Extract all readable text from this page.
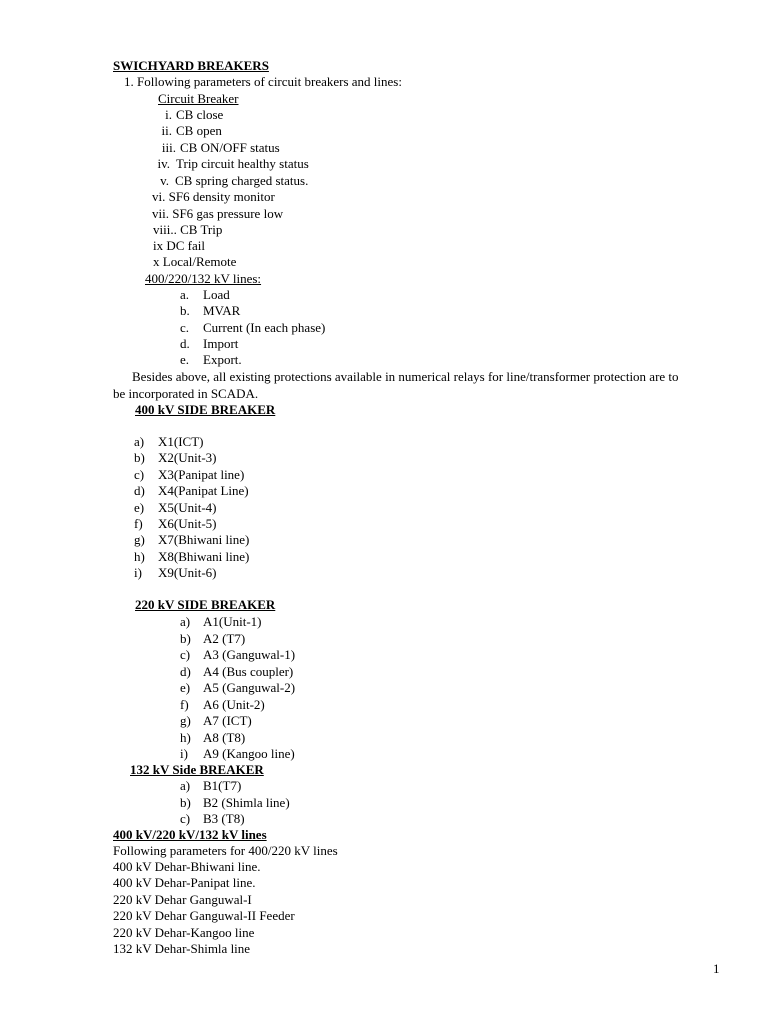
SWICHYARD BREAKERS
1. Following parameters of circuit breakers and lines:
Circuit Breaker
i. CB close
ii. CB open
iii. CB ON/OFF status
iv. Trip circuit healthy status
v. CB spring charged status.
vi. SF6 density monitor
vii. SF6 gas pressure low
viii.. CB Trip
ix DC fail
x Local/Remote
400/220/132 kV lines:
a. Load
b. MVAR
c. Current (In each phase)
d. Import
e. Export.
Besides above, all existing protections available in numerical relays for line/transformer protection are to
be incorporated in SCADA.
400 kV SIDE BREAKER
a) X1(ICT)
b) X2(Unit-3)
c) X3(Panipat line)
d) X4(Panipat Line)
e) X5(Unit-4)
f) X6(Unit-5)
g) X7(Bhiwani line)
h) X8(Bhiwani line)
i) X9(Unit-6)
220 kV SIDE BREAKER
a) A1(Unit-1)
b) A2 (T7)
c) A3 (Ganguwal-1)
d) A4 (Bus coupler)
e) A5 (Ganguwal-2)
f) A6 (Unit-2)
g) A7 (ICT)
h) A8 (T8)
i) A9 (Kangoo line)
132 kV Side BREAKER
a) B1(T7)
b) B2 (Shimla line)
c) B3 (T8)
400 kV/220 kV/132 kV lines
Following parameters for 400/220 kV lines
400 kV Dehar-Bhiwani line.
400 kV Dehar-Panipat line.
220 kV Dehar Ganguwal-I
220 kV Dehar Ganguwal-II Feeder
220 kV Dehar-Kangoo line
132 kV Dehar-Shimla line
1
